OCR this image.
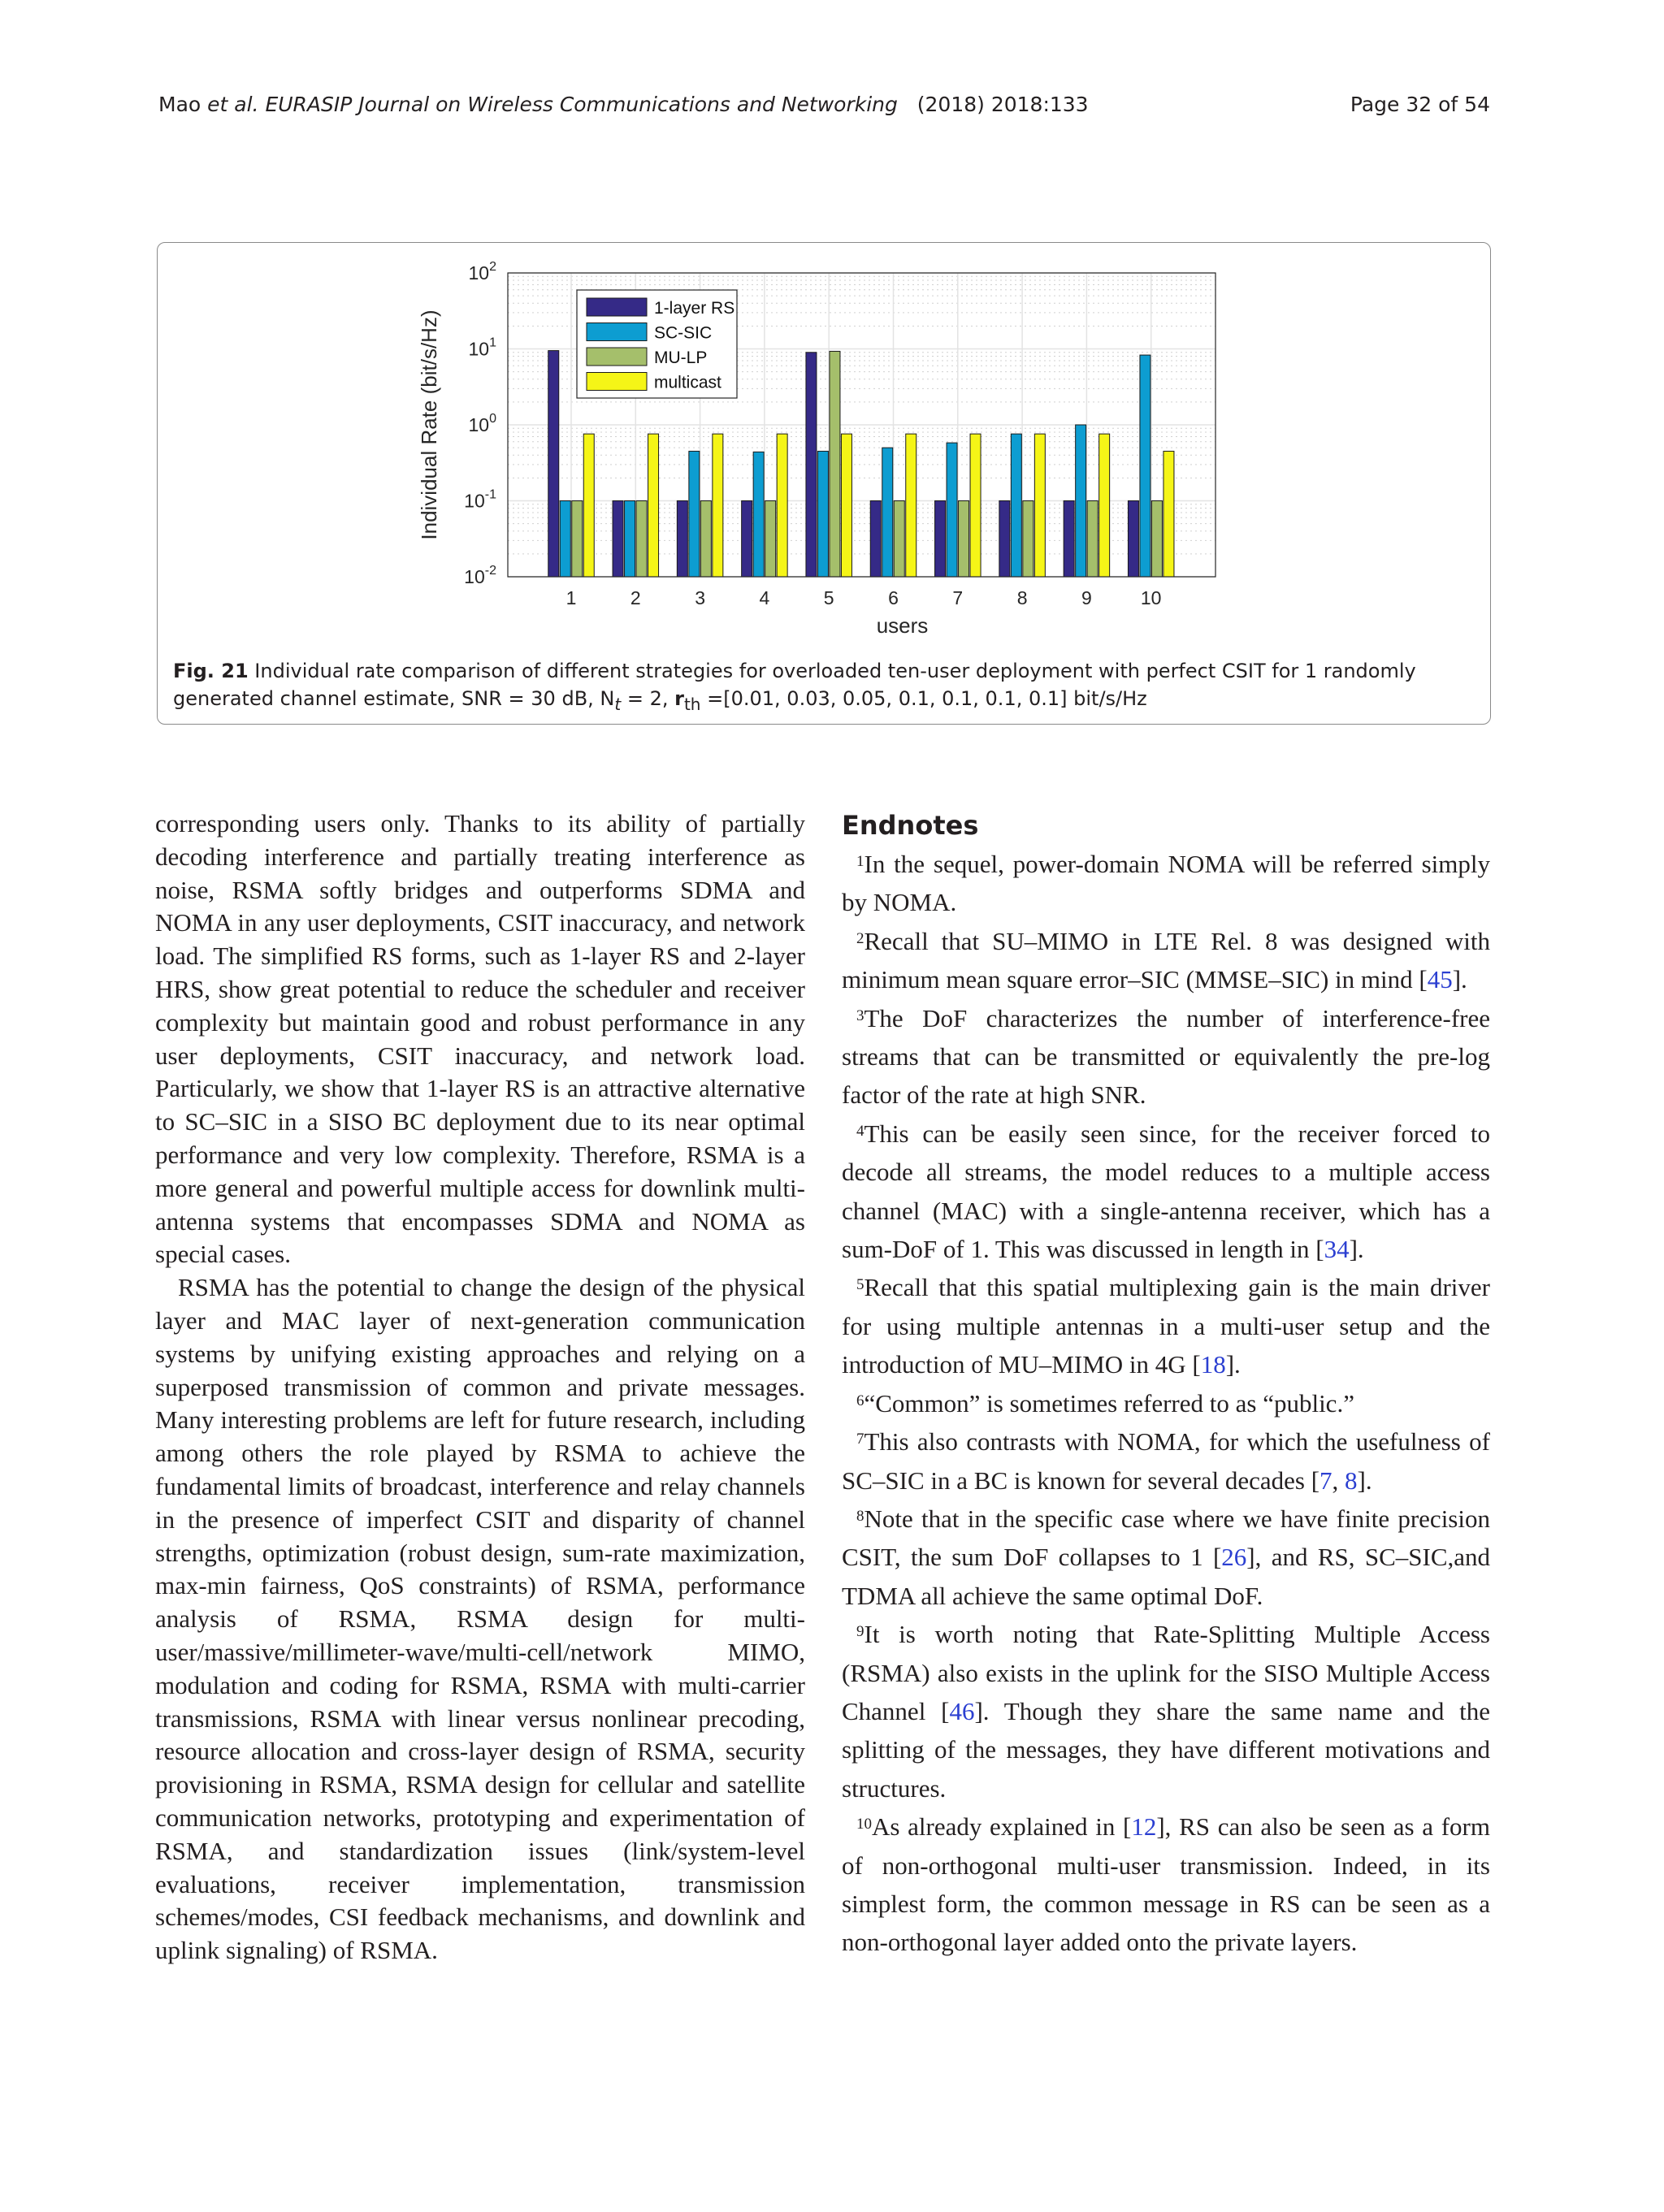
Mao et al. EURASIP Journal on Wireless Communications and Networking (2018) 2018:133	Page 32 of 54
$10^{-2}$
$10^{-1}$
$10^0$
$10^1$
$10^2$
1	2	3	4	5	6	7	8	9	10
users
Individual Rate (bit/s/Hz)
1-layer RS
SC-SIC
MU-LP
multicast
Fig. 21 Individual rate comparison of different strategies for overloaded ten-user deployment with perfect CSIT for 1 randomly generated channel estimate, SNR = 30 dB, $N_t = 2$, $r_{th} =[0.01$, 0.03, 0.05, 0.1, 0.1, 0.1, 0.1] bit/s/Hz

corresponding users only. Thanks to its ability of partially decoding interference and partially treating interference as noise, RSMA softly bridges and outperforms SDMA and NOMA in any user deployments, CSIT inaccuracy, and network load. The simplified RS forms, such as 1-layer RS and 2-layer HRS, show great potential to reduce the scheduler and receiver complexity but maintain good and robust performance in any user deployments, CSIT inaccuracy, and network load. Particularly, we show that 1-layer RS is an attractive alternative to SC–SIC in a SISO BC deployment due to its near optimal performance and very low complexity. Therefore, RSMA is a more general and powerful multiple access for downlink multi-antenna systems that encompasses SDMA and NOMA as special cases.

RSMA has the potential to change the design of the physical layer and MAC layer of next-generation communication systems by unifying existing approaches and relying on a superposed transmission of common and private messages. Many interesting problems are left for future research, including among others the role played by RSMA to achieve the fundamental limits of broadcast, interference and relay channels in the presence of imperfect CSIT and disparity of channel strengths, optimization (robust design, sum-rate maximization, max-min fairness, QoS constraints) of RSMA, performance analysis of RSMA, RSMA design for multi-user/massive/millimeter-wave/multi-cell/network MIMO, modulation and coding for RSMA, RSMA with multi-carrier transmissions, RSMA with linear versus nonlinear precoding, resource allocation and cross-layer design of RSMA, security provisioning in RSMA, RSMA design for cellular and satellite communication networks, prototyping and experimentation of RSMA, and standardization issues (link/system-level evaluations, receiver implementation, transmission schemes/modes, CSI feedback mechanisms, and downlink and uplink signaling) of RSMA.

Endnotes

$^1$In the sequel, power-domain NOMA will be referred simply by NOMA.

$^2$Recall that SU–MIMO in LTE Rel. 8 was designed with minimum mean square error–SIC (MMSE–SIC) in mind [45].

$^3$The DoF characterizes the number of interference-free streams that can be transmitted or equivalently the pre-log factor of the rate at high SNR.

$^4$This can be easily seen since, for the receiver forced to decode all streams, the model reduces to a multiple access channel (MAC) with a single-antenna receiver, which has a sum-DoF of 1. This was discussed in length in [34].

$^5$Recall that this spatial multiplexing gain is the main driver for using multiple antennas in a multi-user setup and the introduction of MU–MIMO in 4G [18].

$^6$“Common” is sometimes referred to as “public.”

$^7$This also contrasts with NOMA, for which the usefulness of SC–SIC in a BC is known for several decades [7, 8].

$^8$Note that in the specific case where we have finite precision CSIT, the sum DoF collapses to 1 [26], and RS, SC–SIC,and TDMA all achieve the same optimal DoF.

$^9$It is worth noting that Rate-Splitting Multiple Access (RSMA) also exists in the uplink for the SISO Multiple Access Channel [46]. Though they share the same name and the splitting of the messages, they have different motivations and structures.

$^{10}$As already explained in [12], RS can also be seen as a form of non-orthogonal multi-user transmission. Indeed, in its simplest form, the common message in RS can be seen as a non-orthogonal layer added onto the private layers.
